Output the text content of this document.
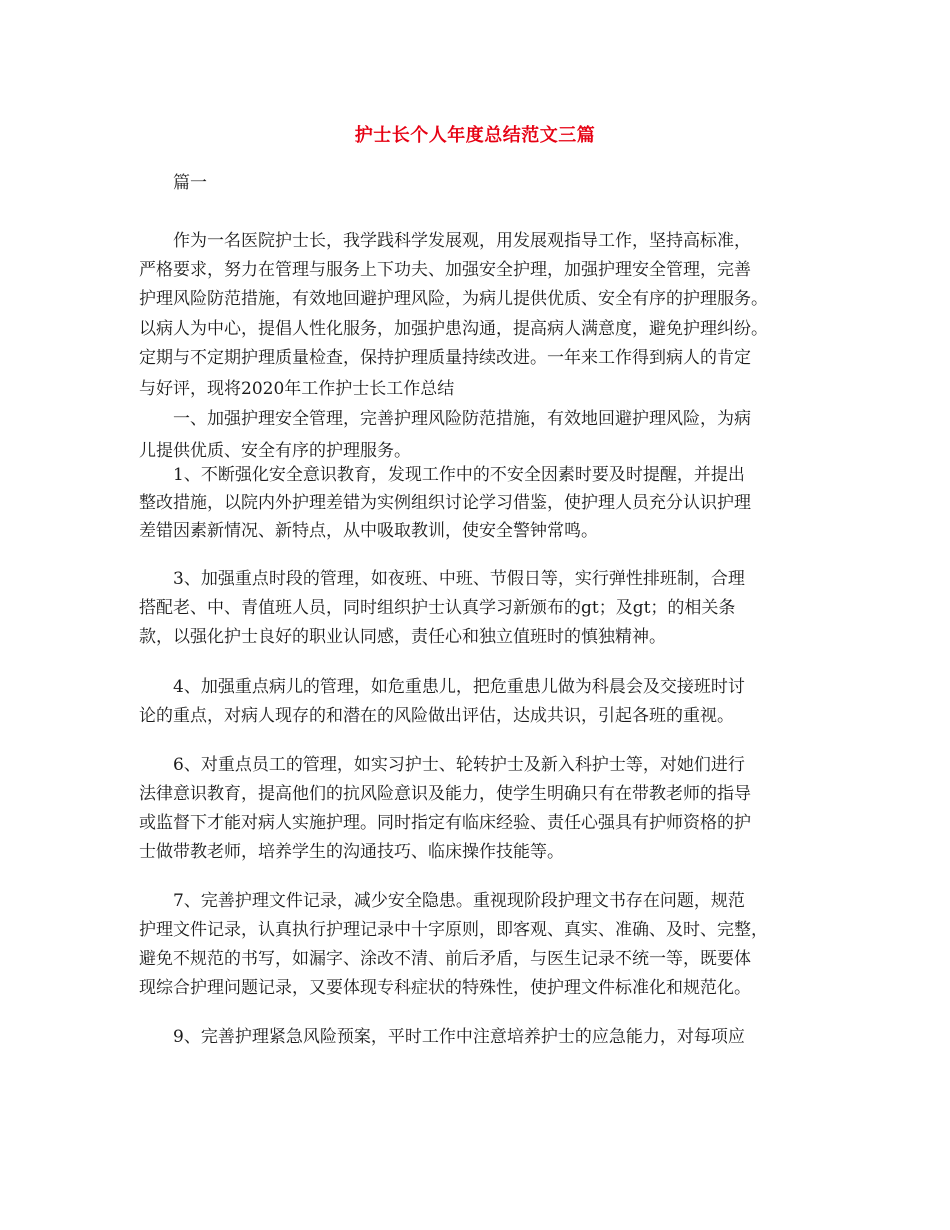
护士长个人年度总结范文三篇
篇一
作为一名医院护士长，我学践科学发展观，用发展观指导工作，坚持高标准，
严格要求，努力在管理与服务上下功夫、加强安全护理，加强护理安全管理，完善
护理风险防范措施，有效地回避护理风险，为病儿提供优质、安全有序的护理服务。
以病人为中心，提倡人性化服务，加强护患沟通，提高病人满意度，避免护理纠纷。
定期与不定期护理质量检查，保持护理质量持续改进。一年来工作得到病人的肯定
与好评，现将2020年工作护士长工作总结
一、加强护理安全管理，完善护理风险防范措施，有效地回避护理风险，为病
儿提供优质、安全有序的护理服务。
1、不断强化安全意识教育，发现工作中的不安全因素时要及时提醒，并提出
整改措施，以院内外护理差错为实例组织讨论学习借鉴，使护理人员充分认识护理
差错因素新情况、新特点，从中吸取教训，使安全警钟常鸣。
3、加强重点时段的管理，如夜班、中班、节假日等，实行弹性排班制，合理
搭配老、中、青值班人员，同时组织护士认真学习新颁布的gt；及gt；的相关条
款，以强化护士良好的职业认同感，责任心和独立值班时的慎独精神。
4、加强重点病儿的管理，如危重患儿，把危重患儿做为科晨会及交接班时讨
论的重点，对病人现存的和潜在的风险做出评估，达成共识，引起各班的重视。
6、对重点员工的管理，如实习护士、轮转护士及新入科护士等，对她们进行
法律意识教育，提高他们的抗风险意识及能力，使学生明确只有在带教老师的指导
或监督下才能对病人实施护理。同时指定有临床经验、责任心强具有护师资格的护
士做带教老师，培养学生的沟通技巧、临床操作技能等。
7、完善护理文件记录，减少安全隐患。重视现阶段护理文书存在问题，规范
护理文件记录，认真执行护理记录中十字原则，即客观、真实、准确、及时、完整，
避免不规范的书写，如漏字、涂改不清、前后矛盾，与医生记录不统一等，既要体
现综合护理问题记录，又要体现专科症状的特殊性，使护理文件标准化和规范化。
9、完善护理紧急风险预案，平时工作中注意培养护士的应急能力，对每项应
